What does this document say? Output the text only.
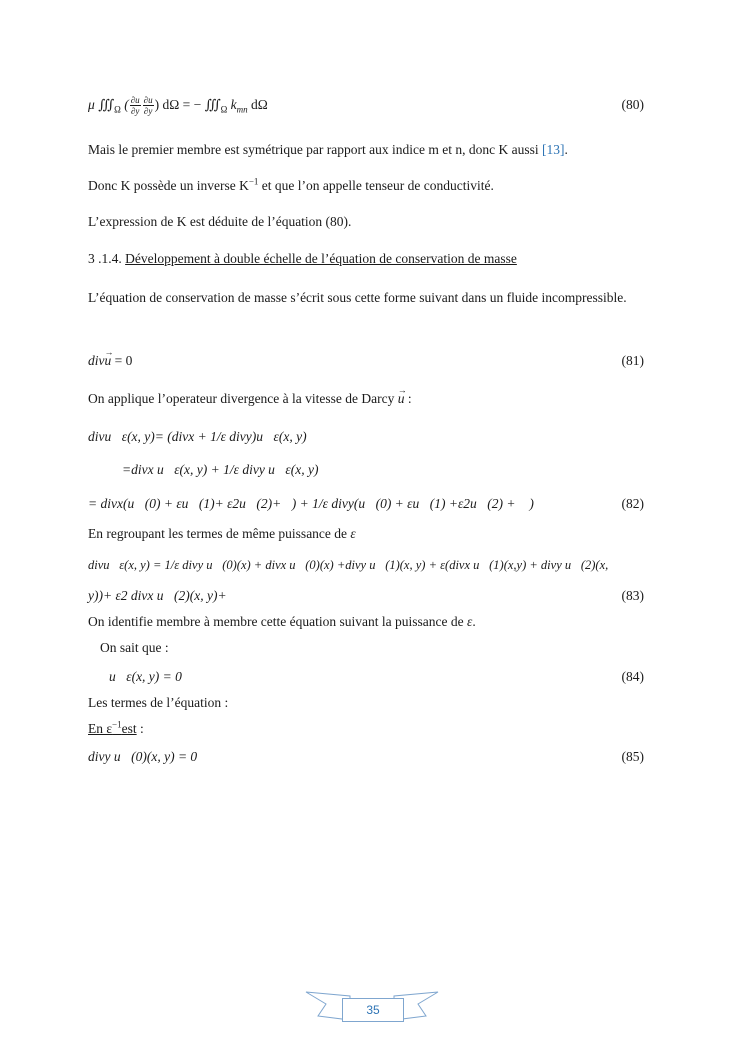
μ $∭_\Omega$ ( $\frac{\partial u}{\partial y} \frac{\partial u}{\partial y}$ ) dΩ = − $∭_\Omega$ $k_{mn}$ dΩ	(80)
Mais le premier membre est symétrique par rapport aux indice m et n, donc K aussi [13].
Donc K possède un inverse $K^{-1}$ et que l’on appelle tenseur de conductivité.
L’expression de K est déduite de l’équation (80).
3 .1.4. Développement à double échelle de l’équation de conservation de masse
L’équation de conservation de masse s’écrit sous cette forme suivant dans un fluide incompressible.
div→ u = 0	(81)
On applique l’operateur divergence à la vitesse de Darcy → u :
divu⃗ε(x, y)= (divx + 1/ε divy)u⃗ε(x, y)
=divx u⃗ε(x, y) + 1/ε divy u⃗ε(x, y)
= divx(u⃗(0) + εu⃗(1)+ ε2u⃗(2)+⋯) + 1/ε divy(u⃗(0) + εu⃗(1) +ε2u⃗(2) + ⋯)	(82)
En regroupant les termes de même puissance de ε
divu⃗ε(x, y) = 1/ε divy u⃗(0)(x) + divx u⃗(0)(x) +divy u⃗(1)(x, y) + ε(divx u⃗(1)(x,y) + divy u⃗(2)(x,
y))+ ε2 divx u⃗(2)(x, y)+⋯	(83)
On identifie membre à membre cette équation suivant la puissance de ε.
On sait que :
∇⃗u⃗ε(x, y) = 0	(84)
Les termes de l’équation :
En $\varepsilon^{-1}est$ :
divy u⃗(0)(x, y) = 0	(85)
35
